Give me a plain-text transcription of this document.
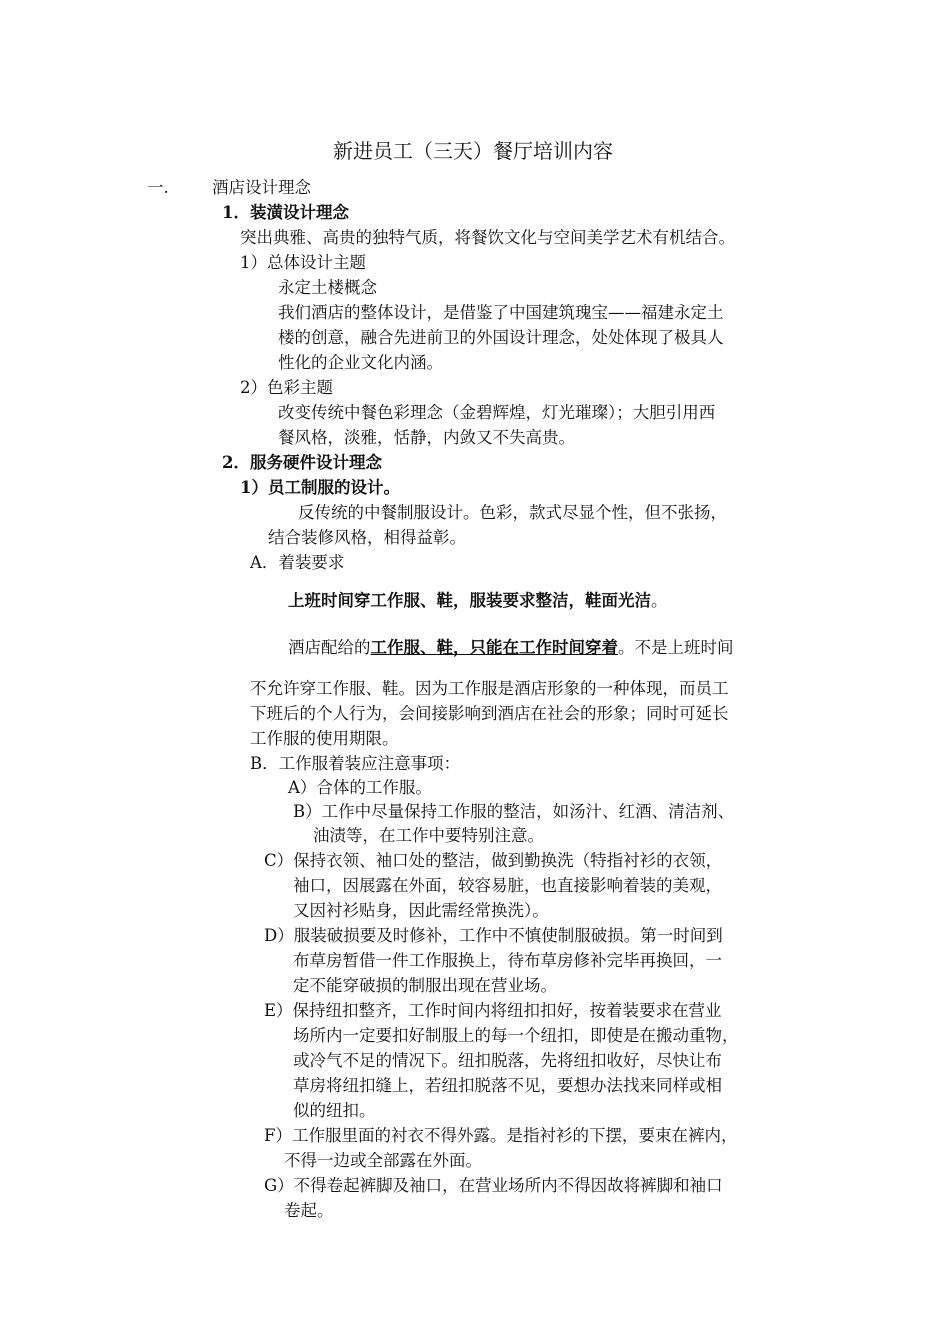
新进员工（三天）餐厅培训内容
一.	酒店设计理念
1．装潢设计理念
突出典雅、高贵的独特气质，将餐饮文化与空间美学艺术有机结合。
1）总体设计主题
永定土楼概念
我们酒店的整体设计，是借鉴了中国建筑瑰宝——福建永定土
楼的创意，融合先进前卫的外国设计理念，处处体现了极具人
性化的企业文化内涵。
2）色彩主题
改变传统中餐色彩理念（金碧辉煌，灯光璀璨）；大胆引用西
餐风格，淡雅，恬静，内敛又不失高贵。
2．服务硬件设计理念
1）员工制服的设计。
反传统的中餐制服设计。色彩，款式尽显个性，但不张扬，
结合装修风格，相得益彰。
A．着装要求
上班时间穿工作服、鞋，服装要求整洁，鞋面光洁。
酒店配给的工作服、鞋，只能在工作时间穿着。不是上班时间
不允许穿工作服、鞋。因为工作服是酒店形象的一种体现，而员工
下班后的个人行为，会间接影响到酒店在社会的形象；同时可延长
工作服的使用期限。
B．工作服着装应注意事项：
A）合体的工作服。
B）工作中尽量保持工作服的整洁，如汤汁、红酒、清洁剂、
油渍等，在工作中要特别注意。
C）保持衣领、袖口处的整洁，做到勤换洗（特指衬衫的衣领，
袖口，因展露在外面，较容易脏，也直接影响着装的美观，
又因衬衫贴身，因此需经常换洗）。
D）服装破损要及时修补，工作中不慎使制服破损。第一时间到
布草房暂借一件工作服换上，待布草房修补完毕再换回，一
定不能穿破损的制服出现在营业场。
E）保持纽扣整齐，工作时间内将纽扣扣好，按着装要求在营业
场所内一定要扣好制服上的每一个纽扣，即使是在搬动重物，
或冷气不足的情况下。纽扣脱落，先将纽扣收好，尽快让布
草房将纽扣缝上，若纽扣脱落不见，要想办法找来同样或相
似的纽扣。
F）工作服里面的衬衣不得外露。是指衬衫的下摆，要束在裤内，
不得一边或全部露在外面。
G）不得卷起裤脚及袖口，在营业场所内不得因故将裤脚和袖口
卷起。
